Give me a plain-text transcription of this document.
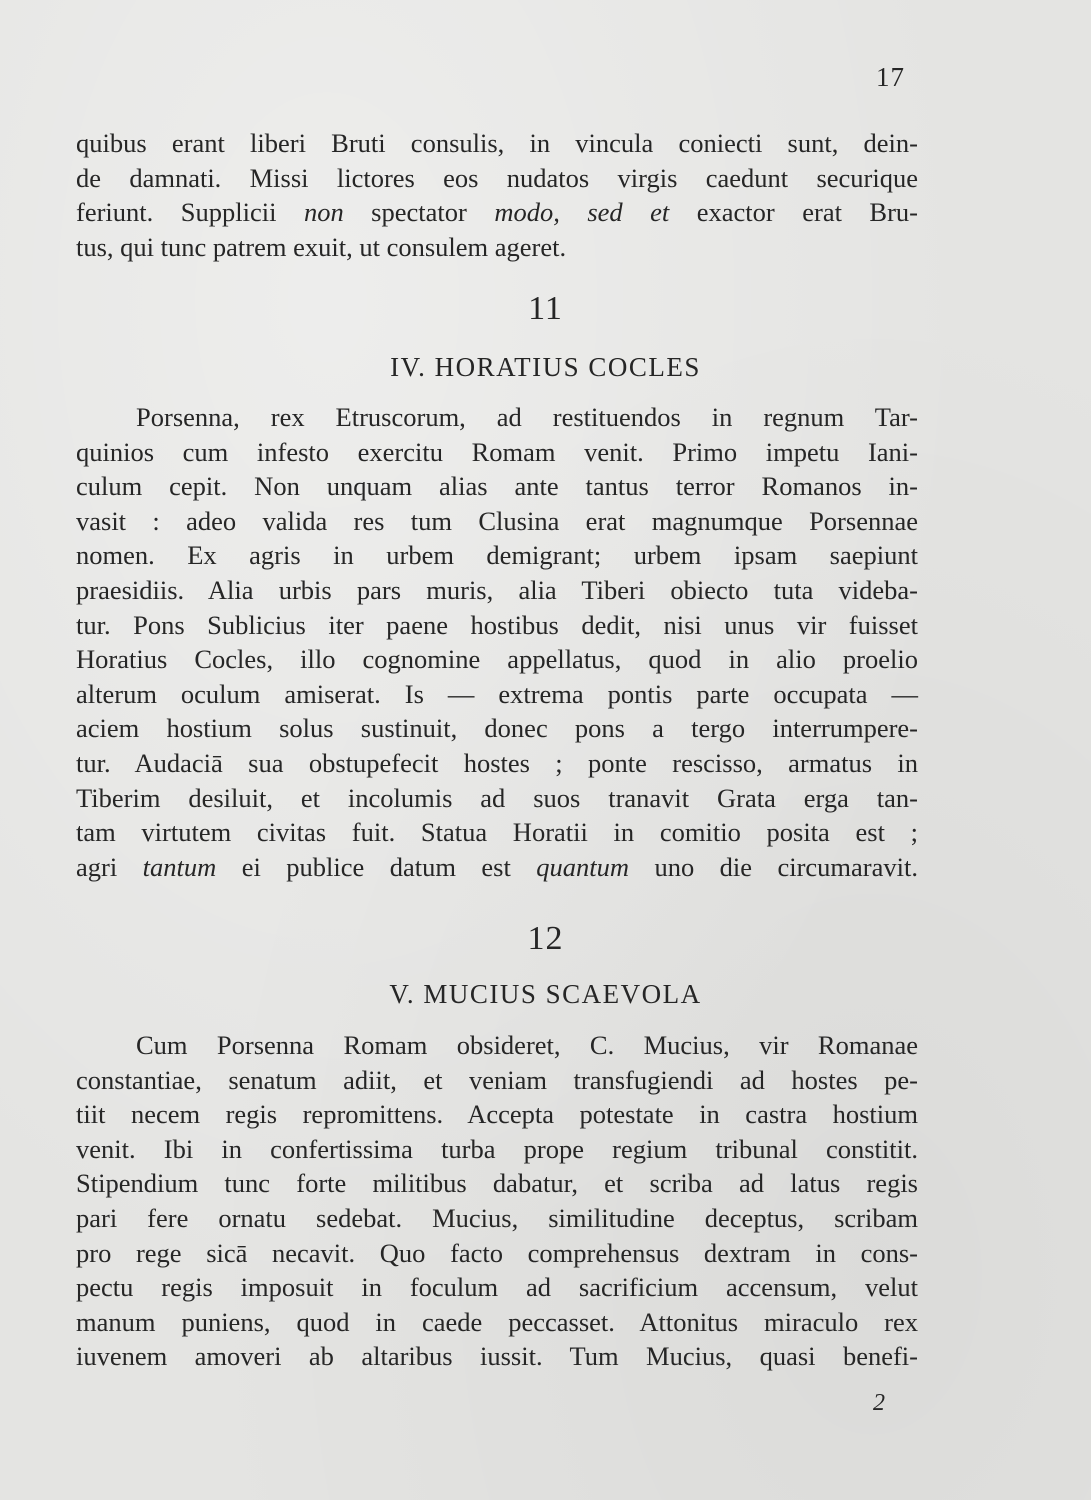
17
quibus erant liberi Bruti consulis, in vincula coniecti sunt, dein-
de damnati. Missi lictores eos nudatos virgis caedunt securique
feriunt. Supplicii non spectator modo, sed et exactor erat Bru-
tus, qui tunc patrem exuit, ut consulem ageret.
11
IV. HORATIUS COCLES
Porsenna, rex Etruscorum, ad restituendos in regnum Tar-
quinios cum infesto exercitu Romam venit. Primo impetu Iani-
culum cepit. Non unquam alias ante tantus terror Romanos in-
vasit : adeo valida res tum Clusina erat magnumque Porsennae
nomen. Ex agris in urbem demigrant; urbem ipsam saepiunt
praesidiis. Alia urbis pars muris, alia Tiberi obiecto tuta videba-
tur. Pons Sublicius iter paene hostibus dedit, nisi unus vir fuisset
Horatius Cocles, illo cognomine appellatus, quod in alio proelio
alterum oculum amiserat. Is — extrema pontis parte occupata —
aciem hostium solus sustinuit, donec pons a tergo interrumpere-
tur. Audaciā sua obstupefecit hostes ; ponte rescisso, armatus in
Tiberim desiluit, et incolumis ad suos tranavit Grata erga tan-
tam virtutem civitas fuit. Statua Horatii in comitio posita est ;
agri tantum ei publice datum est quantum uno die circumaravit.
12
V. MUCIUS SCAEVOLA
Cum Porsenna Romam obsideret, C. Mucius, vir Romanae
constantiae, senatum adiit, et veniam transfugiendi ad hostes pe-
tiit necem regis repromittens. Accepta potestate in castra hostium
venit. Ibi in confertissima turba prope regium tribunal constitit.
Stipendium tunc forte militibus dabatur, et scriba ad latus regis
pari fere ornatu sedebat. Mucius, similitudine deceptus, scribam
pro rege sicā necavit. Quo facto comprehensus dextram in cons-
pectu regis imposuit in foculum ad sacrificium accensum, velut
manum puniens, quod in caede peccasset. Attonitus miraculo rex
iuvenem amoveri ab altaribus iussit. Tum Mucius, quasi benefi-
2
